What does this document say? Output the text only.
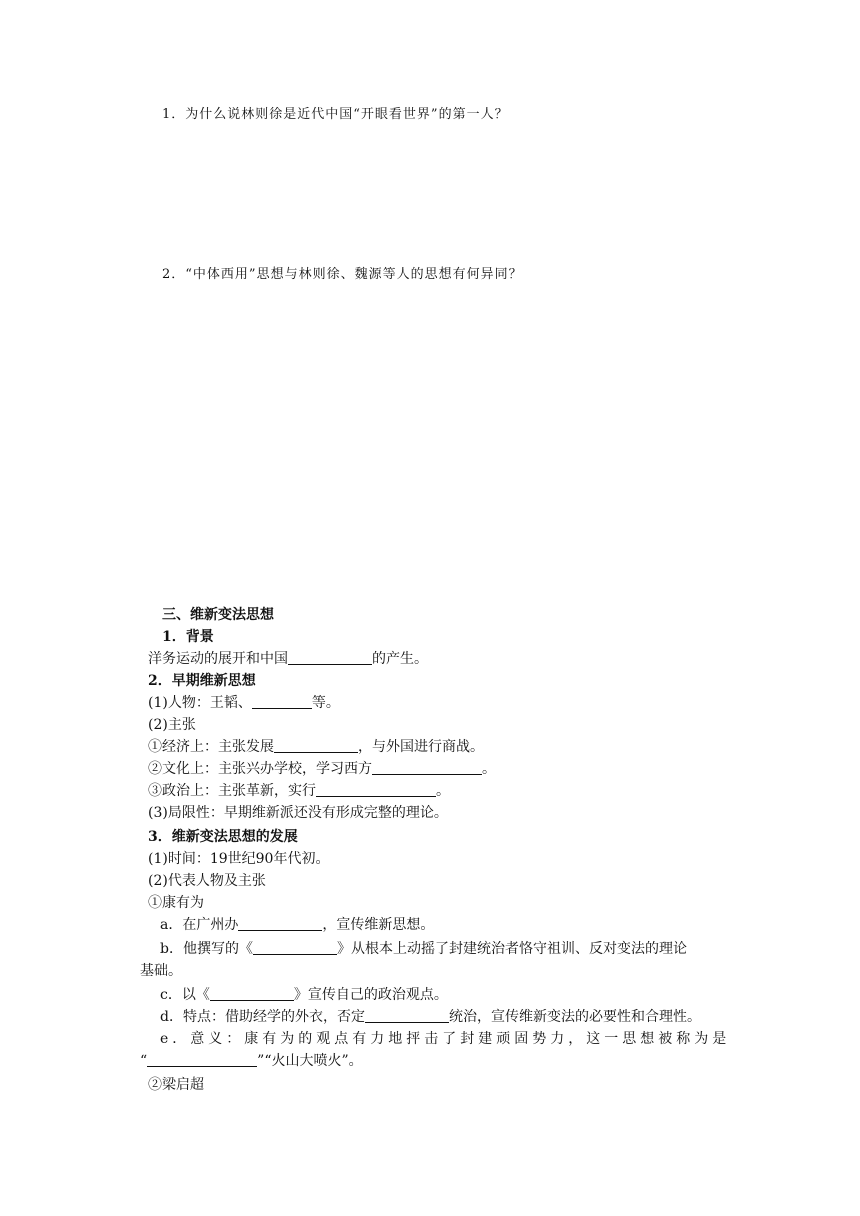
1．为什么说林则徐是近代中国“开眼看世界”的第一人？
2．“中体西用”思想与林则徐、魏源等人的思想有何异同？
三、维新变法思想
1．背景
洋务运动的展开和中国	的产生。
2．早期维新思想
(1)人物：王韬、	等。
(2)主张
①经济上：主张发展	，与外国进行商战。
②文化上：主张兴办学校，学习西方	。
③政治上：主张革新，实行	。
(3)局限性：早期维新派还没有形成完整的理论。
3．维新变法思想的发展
(1)时间：19世纪90年代初。
(2)代表人物及主张
①康有为
a．在广州办	，宣传维新思想。
b．他撰写的《	》从根本上动摇了封建统治者恪守祖训、反对变法的理论
基础。
c．以《	》宣传自己的政治观点。
d．特点：借助经学的外衣，否定	统治，宣传维新变法的必要性和合理性。
e．意义：康有为的观点有力地抨击了封建顽固势力，这一思想被称为是
“	”“火山大喷火”。
②梁启超
